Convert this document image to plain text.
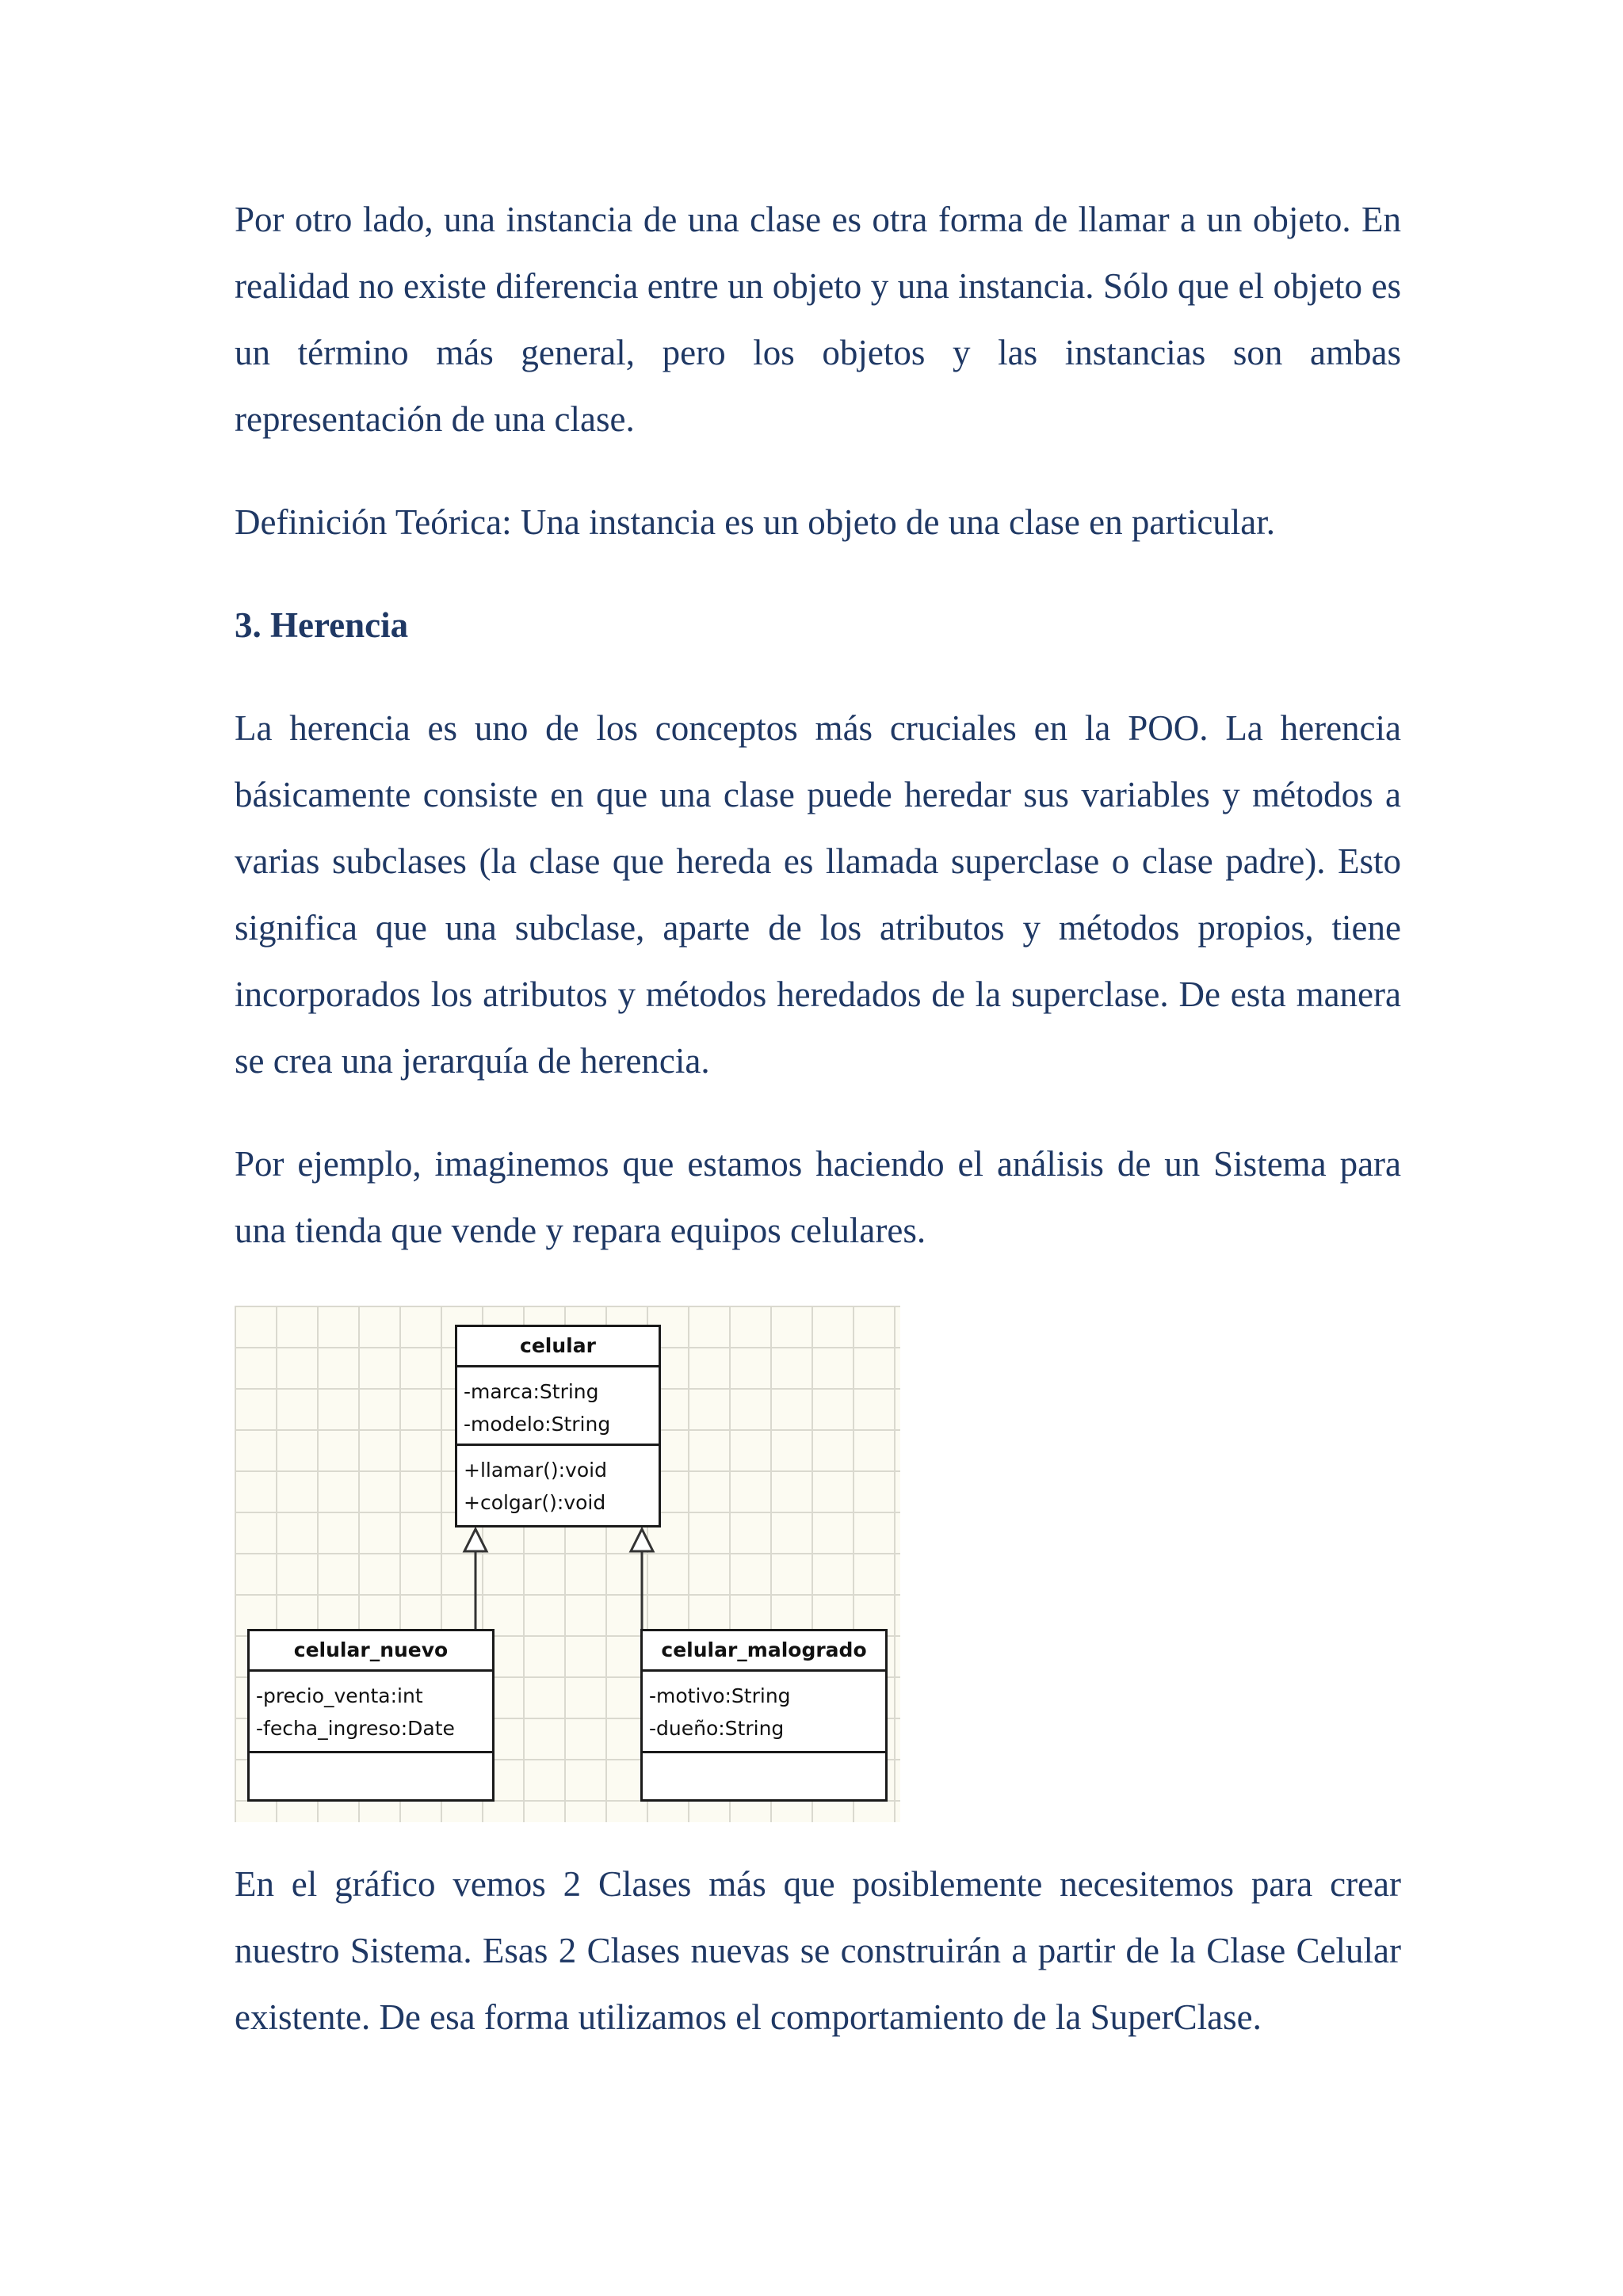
Por otro lado, una instancia de una clase es otra forma de llamar a un objeto. En realidad no existe diferencia entre un objeto y una instancia. Sólo que el objeto es un término más general, pero los objetos y las instancias son ambas representación de una clase.

Definición Teórica: Una instancia es un objeto de una clase en particular.

3. Herencia

La herencia es uno de los conceptos más cruciales en la POO. La herencia básicamente consiste en que una clase puede heredar sus variables y métodos a varias subclases (la clase que hereda es llamada superclase o clase padre). Esto significa que una subclase, aparte de los atributos y métodos propios, tiene incorporados los atributos y métodos heredados de la superclase. De esta manera se crea una jerarquía de herencia.

Por ejemplo, imaginemos que estamos haciendo el análisis de un Sistema para una tienda que vende y repara equipos celulares.

celular
-marca:String
-modelo:String
+llamar():void
+colgar():void
celular_nuevo
-precio_venta:int
-fecha_ingreso:Date
celular_malogrado
-motivo:String
-dueño:String

En el gráfico vemos 2 Clases más que posiblemente necesitemos para crear nuestro Sistema. Esas 2 Clases nuevas se construirán a partir de la Clase Celular existente. De esa forma utilizamos el comportamiento de la SuperClase.
